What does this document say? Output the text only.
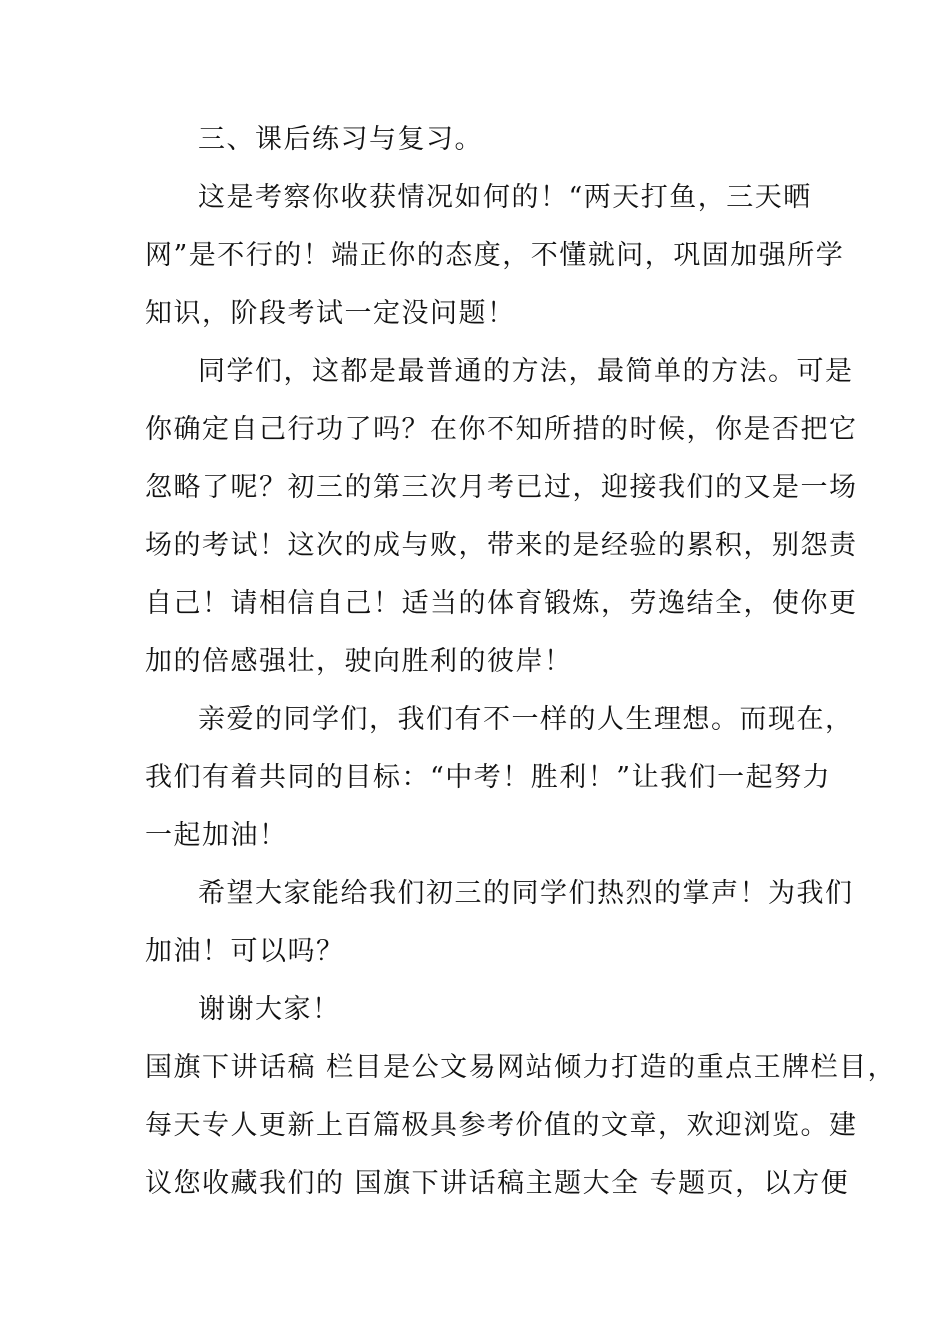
三、课后练习与复习。
这是考察你收获情况如何的！“两天打鱼，三天晒
网”是不行的！端正你的态度，不懂就问，巩固加强所学
知识，阶段考试一定没问题！
同学们，这都是最普通的方法，最简单的方法。可是
你确定自己行功了吗？在你不知所措的时候，你是否把它
忽略了呢？初三的第三次月考已过，迎接我们的又是一场
场的考试！这次的成与败，带来的是经验的累积，别怨责
自己！请相信自己！适当的体育锻炼，劳逸结全，使你更
加的倍感强壮，驶向胜利的彼岸！
亲爱的同学们，我们有不一样的人生理想。而现在，
我们有着共同的目标：“中考！胜利！”让我们一起努力
一起加油！
希望大家能给我们初三的同学们热烈的掌声！为我们
加油！可以吗？
谢谢大家！
国旗下讲话稿 栏目是公文易网站倾力打造的重点王牌栏目，
每天专人更新上百篇极具参考价值的文章，欢迎浏览。建
议您收藏我们的 国旗下讲话稿主题大全 专题页，以方便
